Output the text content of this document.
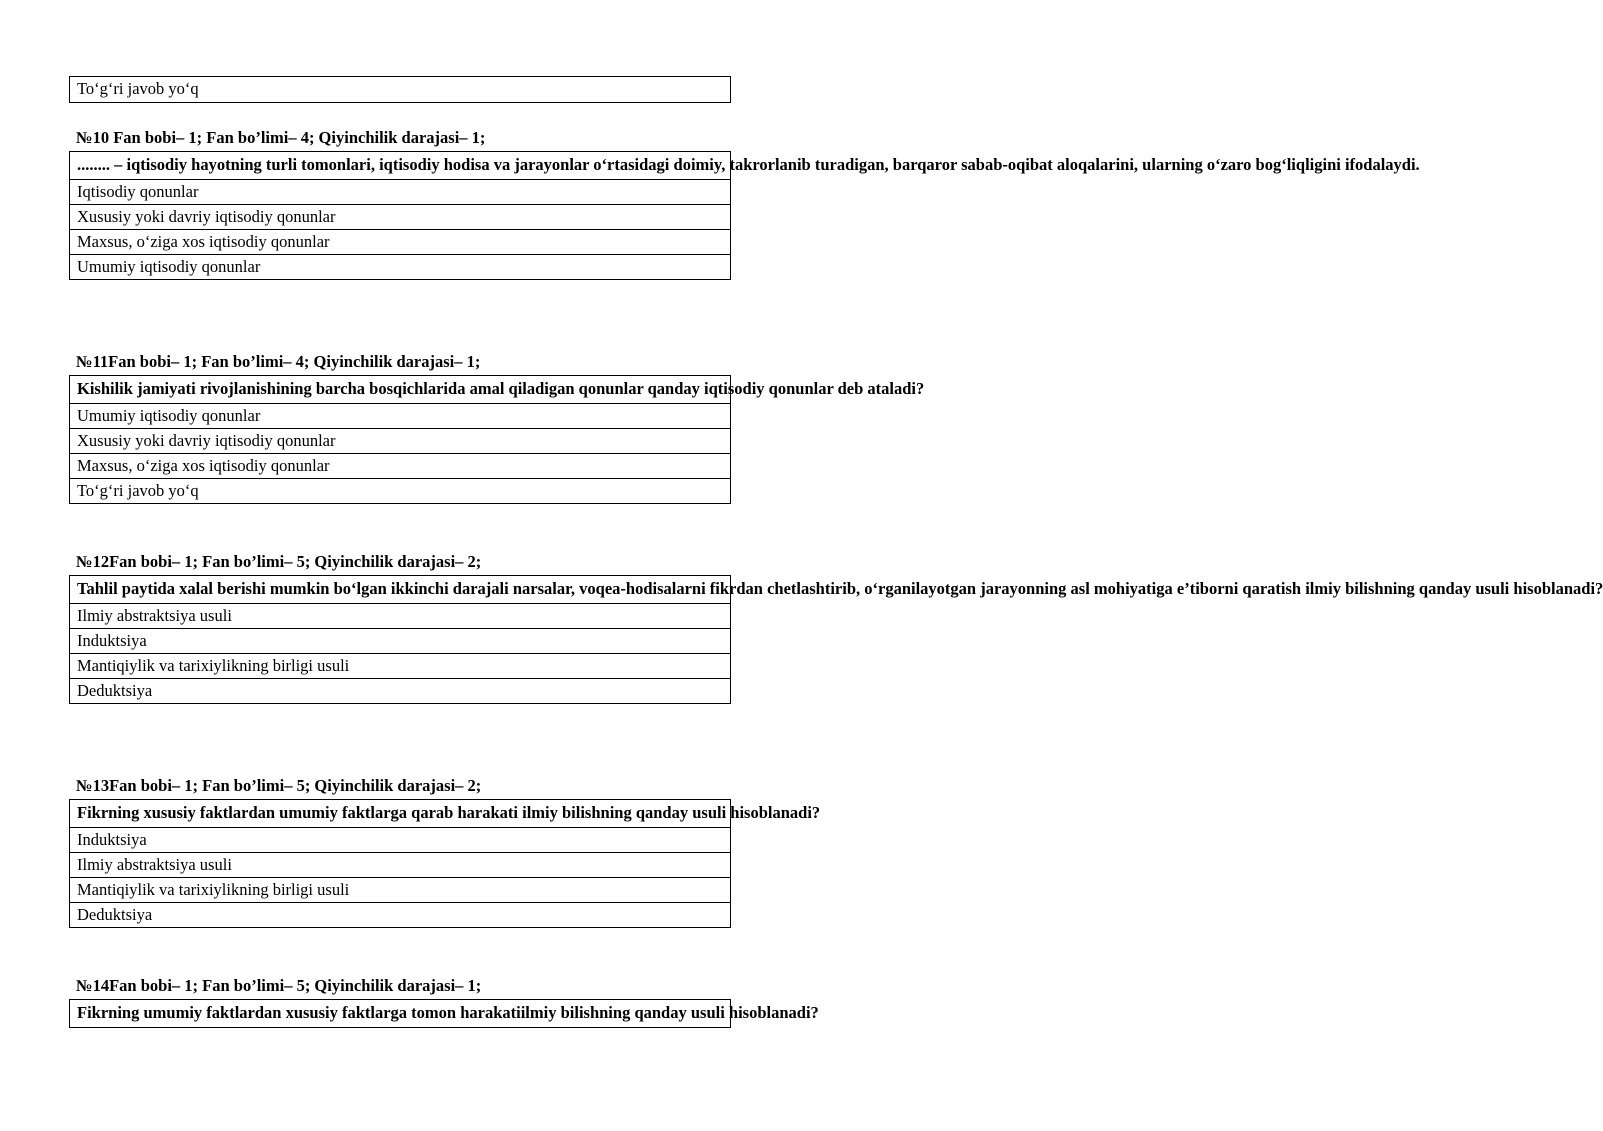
To‘g‘ri javob yo‘q
№10 Fan bobi– 1; Fan bo’limi– 4; Qiyinchilik darajasi– 1;
........ – iqtisodiy hayotning turli tomonlari, iqtisodiy hodisa va jarayonlar o‘rtasidagi doimiy, takrorlanib turadigan, barqaror sabab-oqibat aloqalarini, ularning o‘zaro bog‘liqligini ifodalaydi.
Iqtisodiy qonunlar
Xususiy yoki davriy iqtisodiy qonunlar
Maxsus, o‘ziga xos iqtisodiy qonunlar
Umumiy iqtisodiy qonunlar
№11Fan bobi– 1; Fan bo’limi– 4; Qiyinchilik darajasi– 1;
Kishilik jamiyati rivojlanishining barcha bosqichlarida amal qiladigan qonunlar qanday iqtisodiy qonunlar deb ataladi?
Umumiy iqtisodiy qonunlar
Xususiy yoki davriy iqtisodiy qonunlar
Maxsus, o‘ziga xos iqtisodiy qonunlar
To‘g‘ri javob yo‘q
№12Fan bobi– 1; Fan bo’limi– 5; Qiyinchilik darajasi– 2;
Tahlil paytida xalal berishi mumkin bo‘lgan ikkinchi darajali narsalar, voqea-hodisalarni fikrdan chetlashtirib, o‘rganilayotgan jarayonning asl mohiyatiga e’tiborni qaratish ilmiy bilishning qanday usuli hisoblanadi?
Ilmiy abstraktsiya usuli
Induktsiya
Mantiqiylik va tarixiylikning birligi usuli
Deduktsiya
№13Fan bobi– 1; Fan bo’limi– 5; Qiyinchilik darajasi– 2;
Fikrning xususiy faktlardan umumiy faktlarga qarab harakati ilmiy bilishning qanday usuli hisoblanadi?
Induktsiya
Ilmiy abstraktsiya usuli
Mantiqiylik va tarixiylikning birligi usuli
Deduktsiya
№14Fan bobi– 1; Fan bo’limi– 5; Qiyinchilik darajasi– 1;
Fikrning umumiy faktlardan xususiy faktlarga tomon harakatiilmiy bilishning qanday usuli hisoblanadi?
